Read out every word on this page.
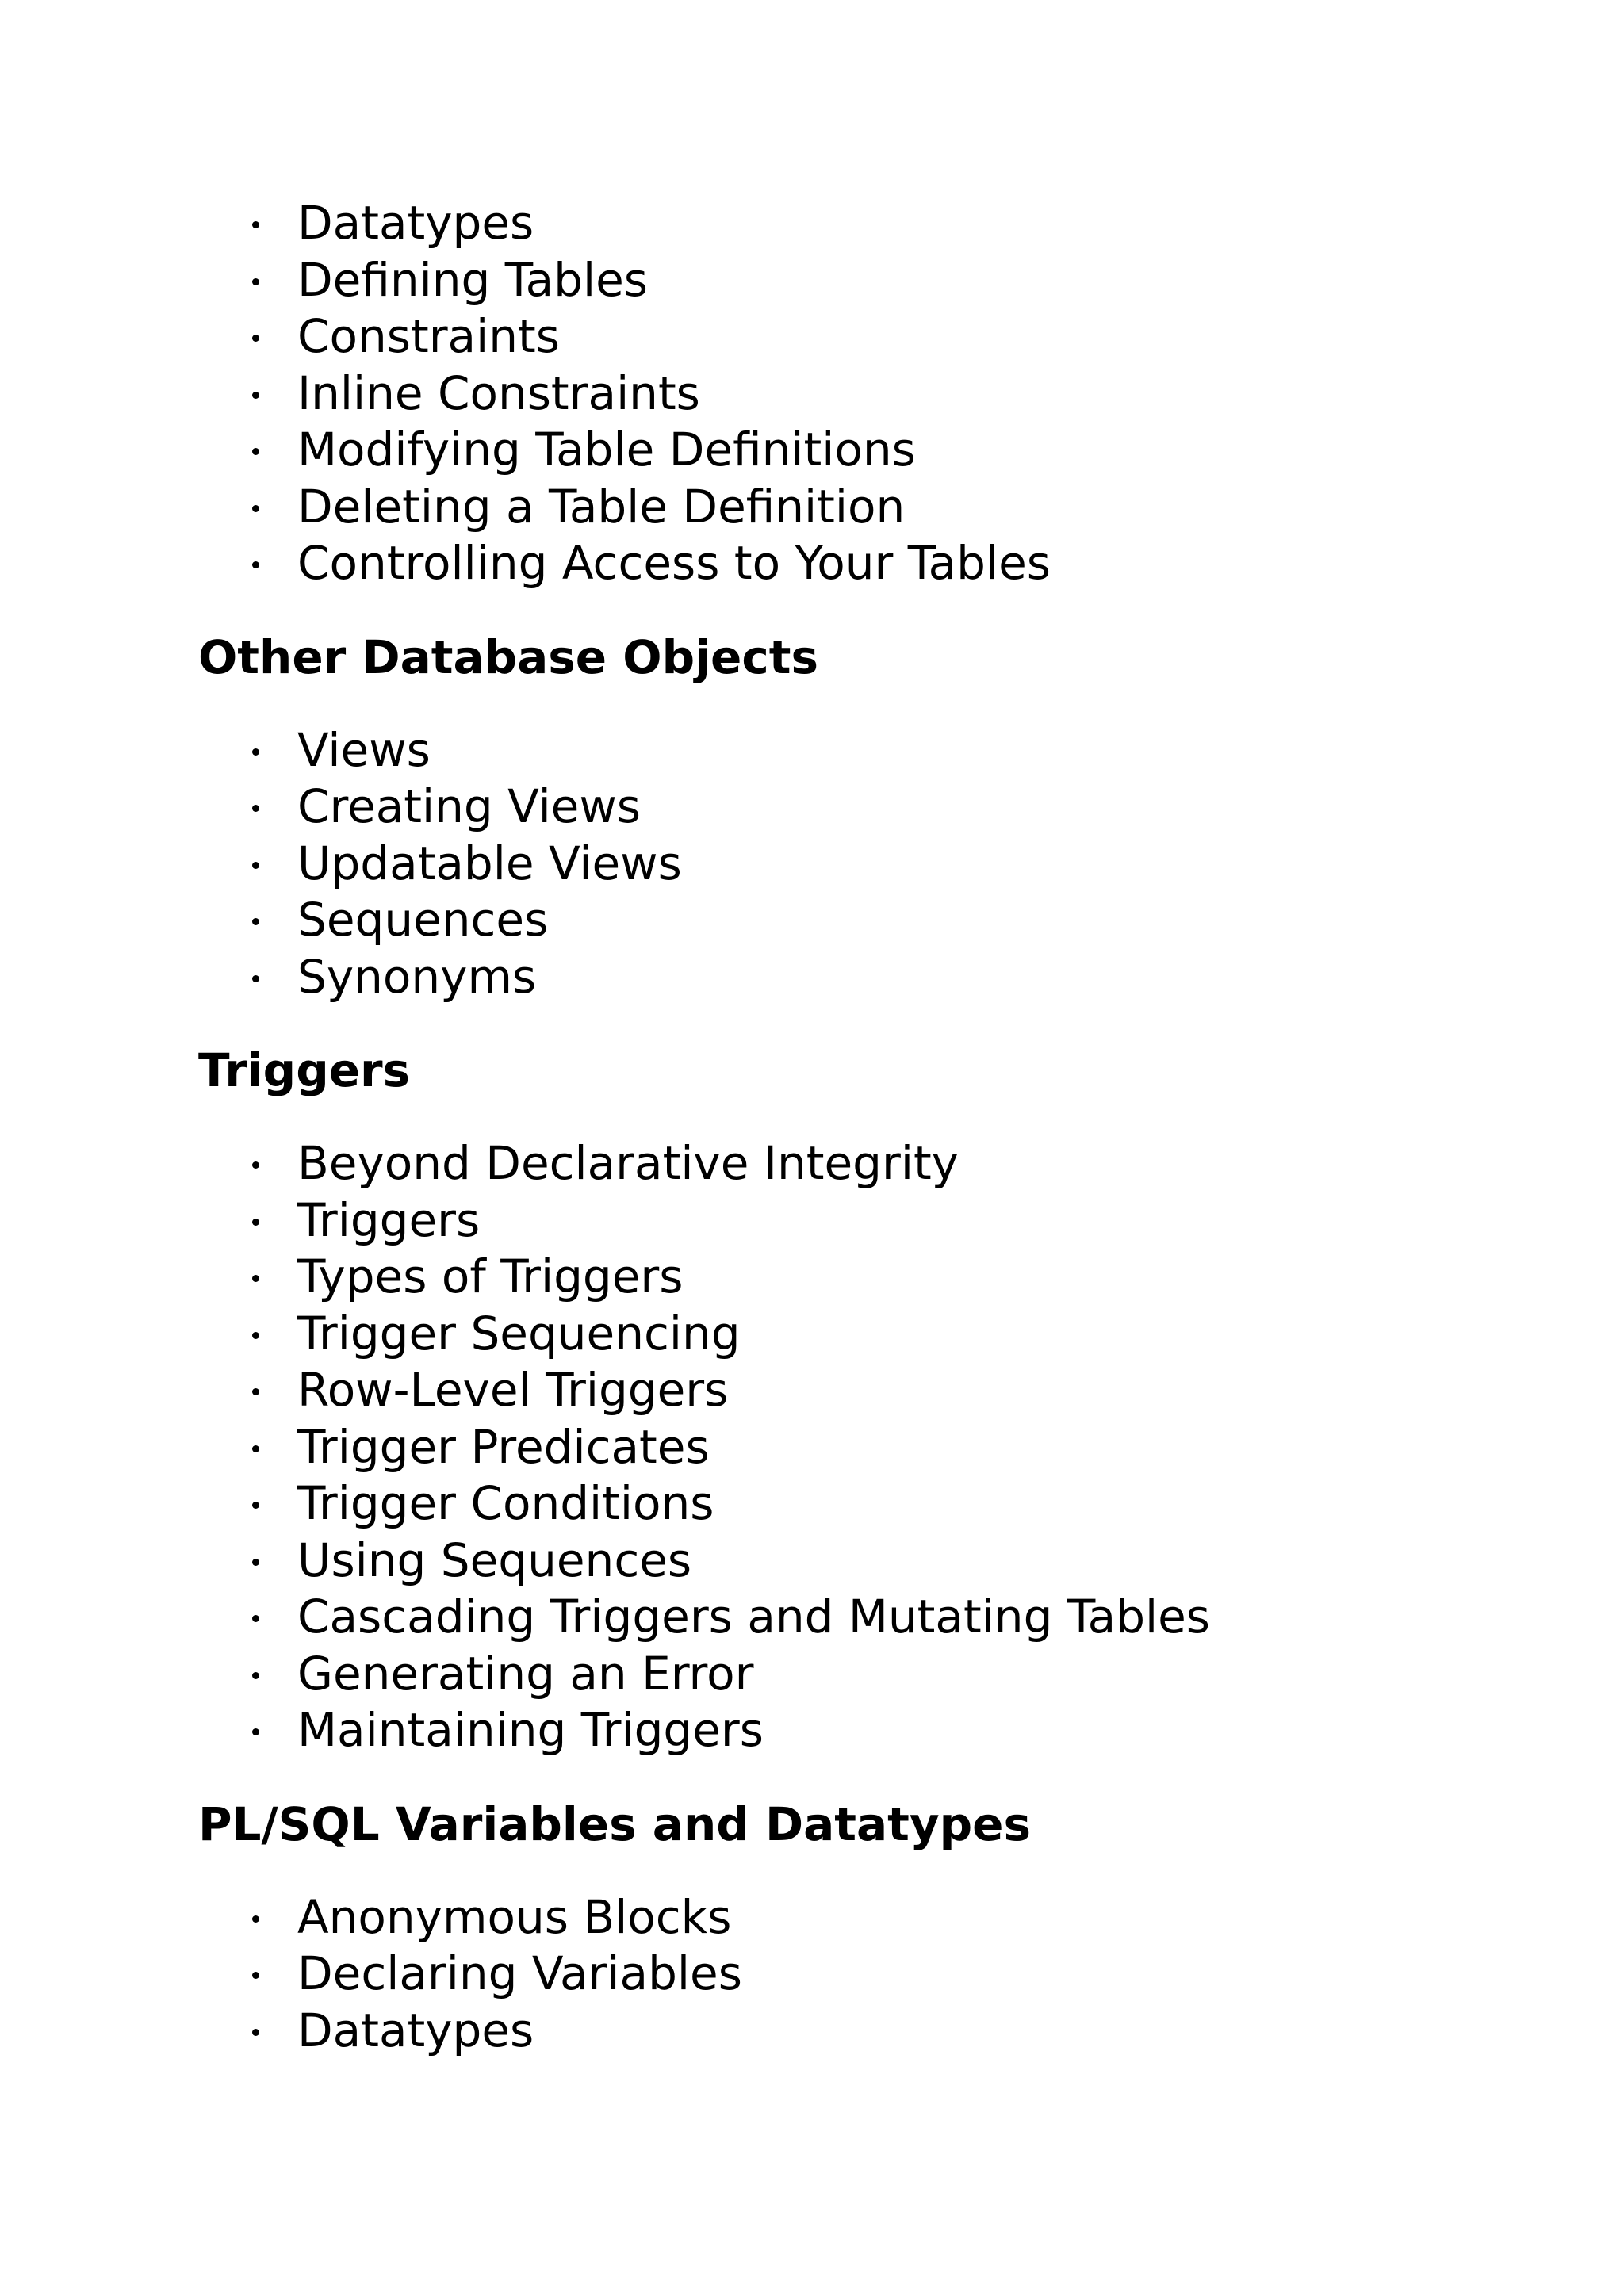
Datatypes
Defining Tables
Constraints
Inline Constraints
Modifying Table Definitions
Deleting a Table Definition
Controlling Access to Your Tables
Other Database Objects
Views
Creating Views
Updatable Views
Sequences
Synonyms
Triggers
Beyond Declarative Integrity
Triggers
Types of Triggers
Trigger Sequencing
Row-Level Triggers
Trigger Predicates
Trigger Conditions
Using Sequences
Cascading Triggers and Mutating Tables
Generating an Error
Maintaining Triggers
PL/SQL Variables and Datatypes
Anonymous Blocks
Declaring Variables
Datatypes
